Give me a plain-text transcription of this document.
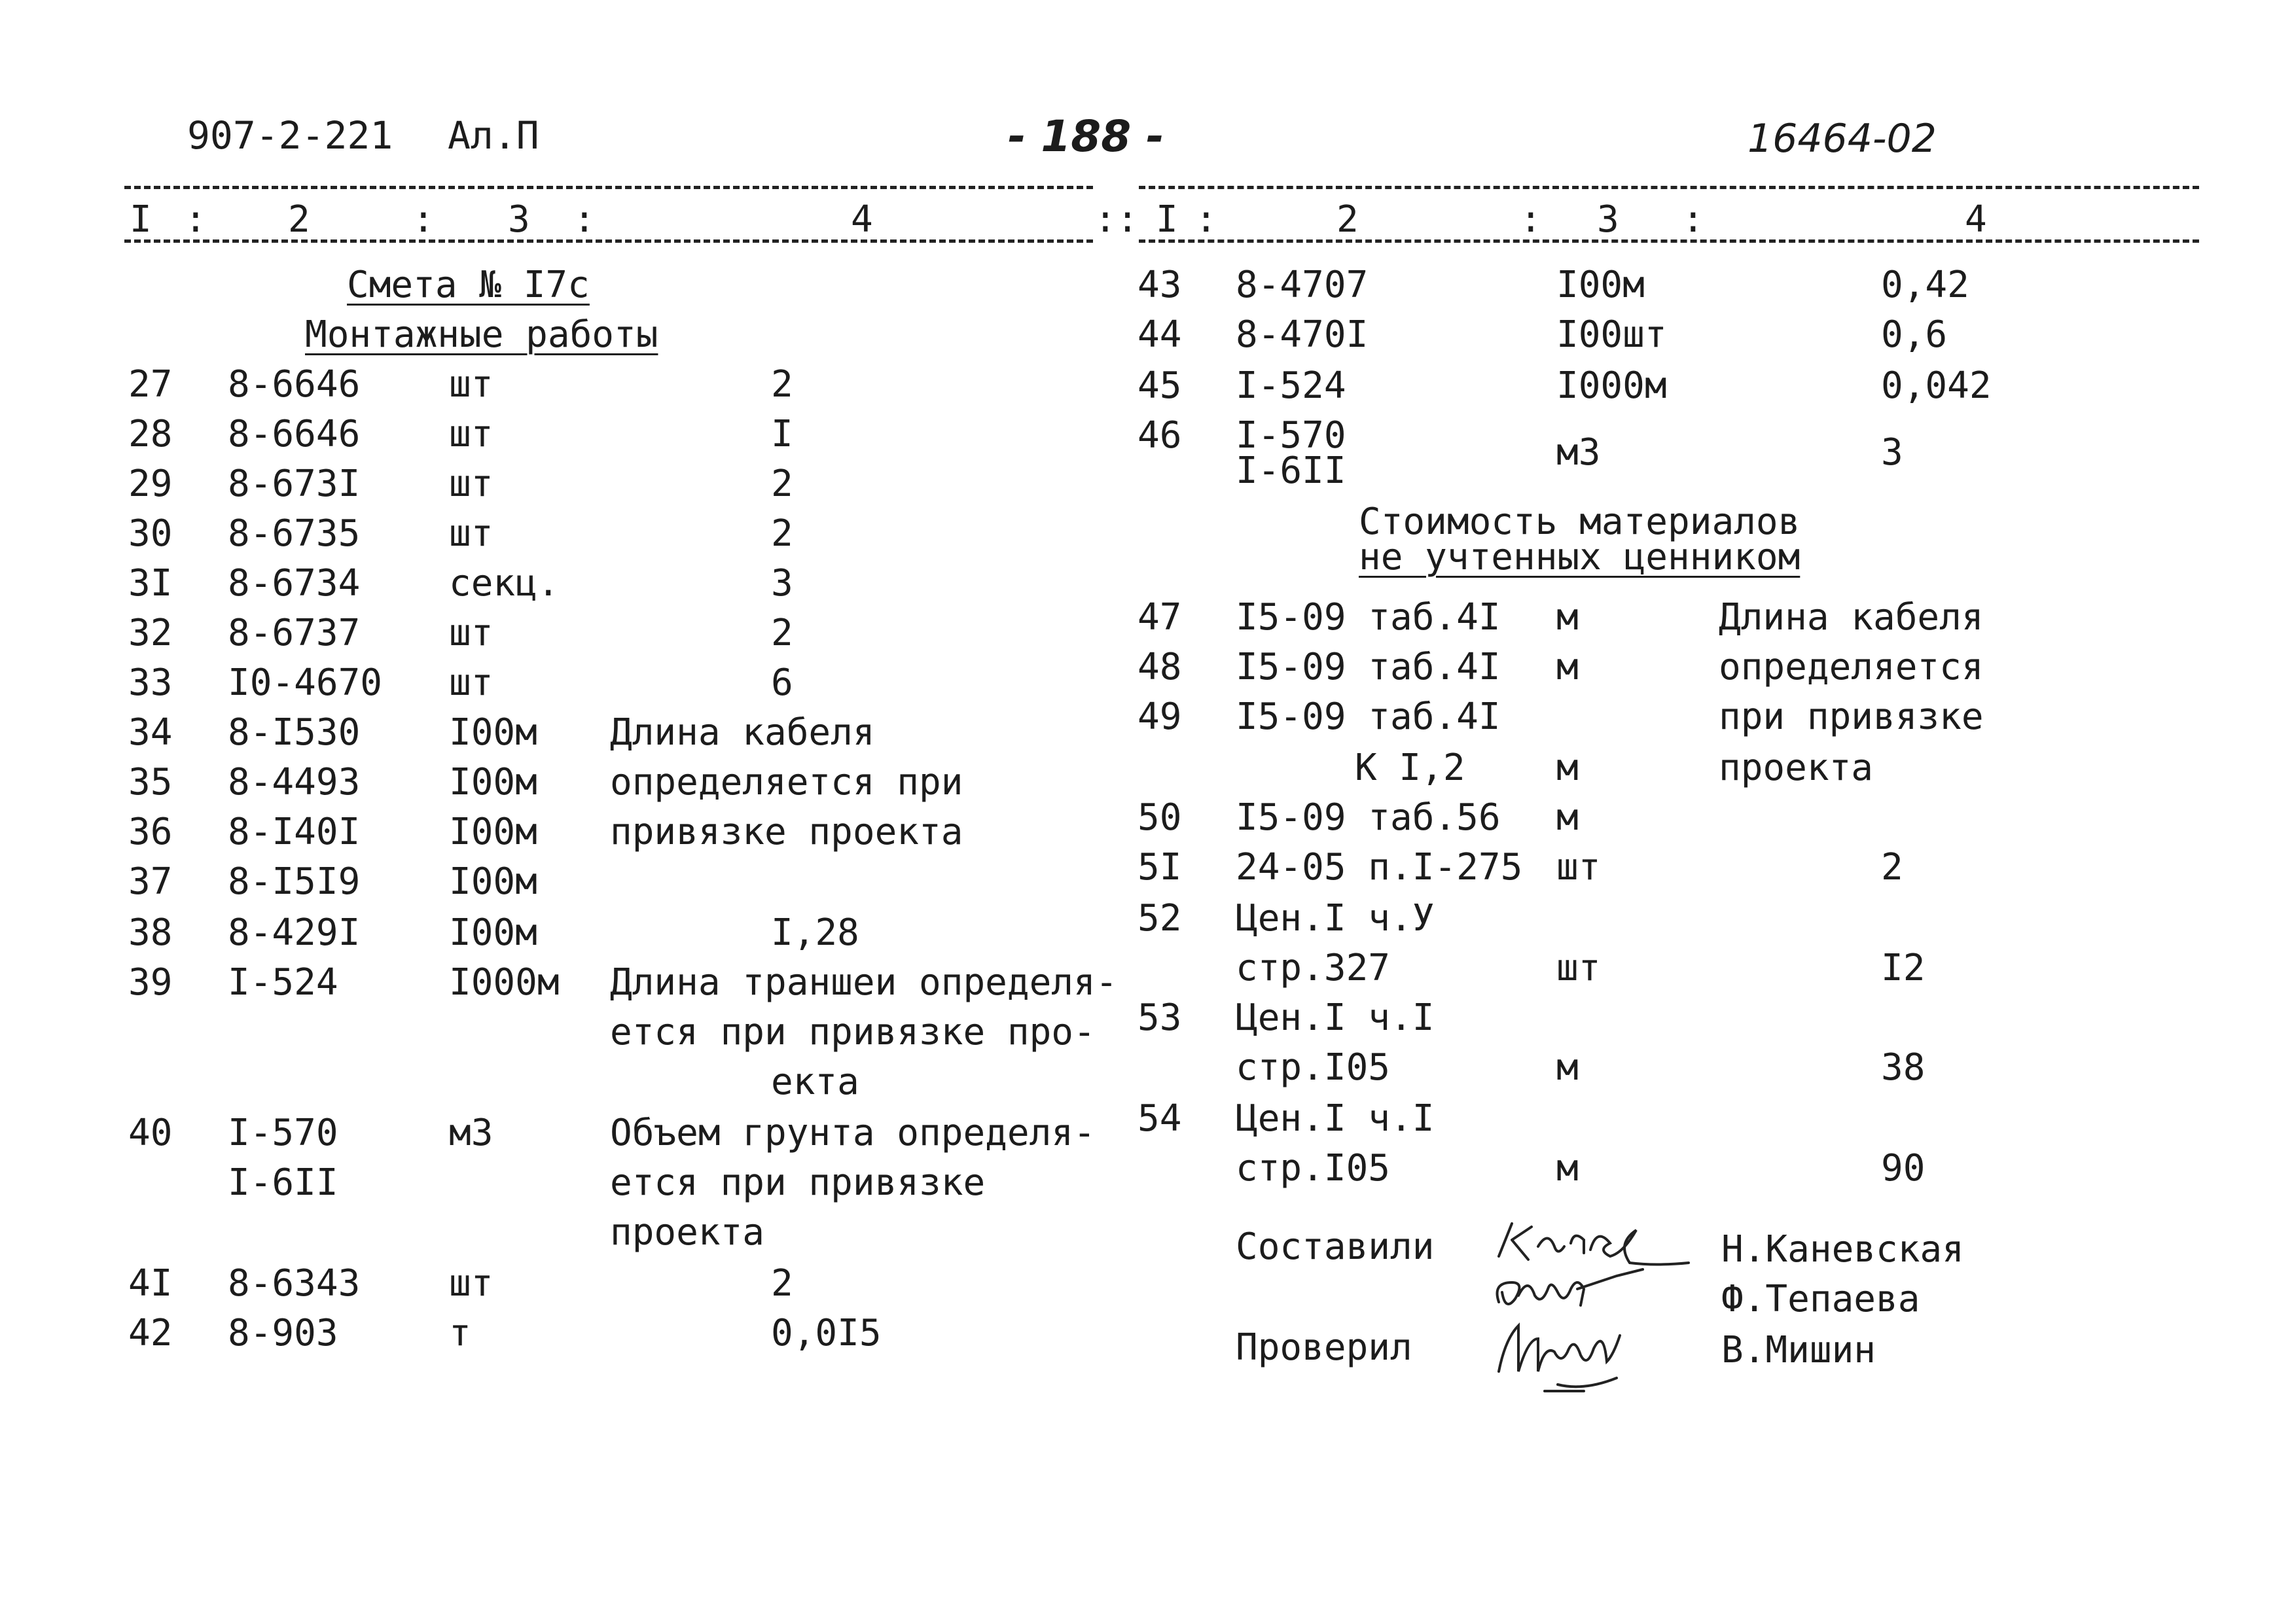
907-2-221 Ал.П	- 188 -	16464-02
I : 2	: 3 :	4	:: I :	2	: 3 :	4
Смета № I7c
Монтажные работы
27 8-6646 шт	2
28 8-6646 шт	I
29 8-673I шт	2
30 8-6735 шт	2
3I 8-6734 секц.	3
32 8-6737 шт	2
33 I0-4670 шт	6
34 8-I530 I00м Длина кабеля
35 8-4493 I00м определяется при
36 8-I40I I00м привязке проекта
37 8-I5I9 I00м
38 8-429I I00м	I,28
39 I-524	I000м Длина траншеи определя-
ется при привязке про-
екта
40 I-570	м3	Объем грунта определя-
I-6II	ется при привязке
проекта
4I 8-6343 шт	2
42 8-903	т	0,0I5
43 8-4707	I00м	0,42
44 8-470I	I00шт	0,6
45 I-524	I000м	0,042
46 I-570
I-6II	м3	3
Стоимость материалов
не учтенных ценником
47 I5-09 таб.4I м	Длина кабеля
48 I5-09 таб.4I м	определяется
49 I5-09 таб.4I	при привязке
К I,2 м	проекта
50 I5-09 таб.56 м
5I 24-05 п.I-275 шт	2
52 Цен.I ч.У
стр.327	шт	I2
53 Цен.I ч.I
стр.I05	м	38
54 Цен.I ч.I
стр.I05	м	90
Составили
Проверил
Н.Каневская
Ф.Тепаева
В.Мишин
